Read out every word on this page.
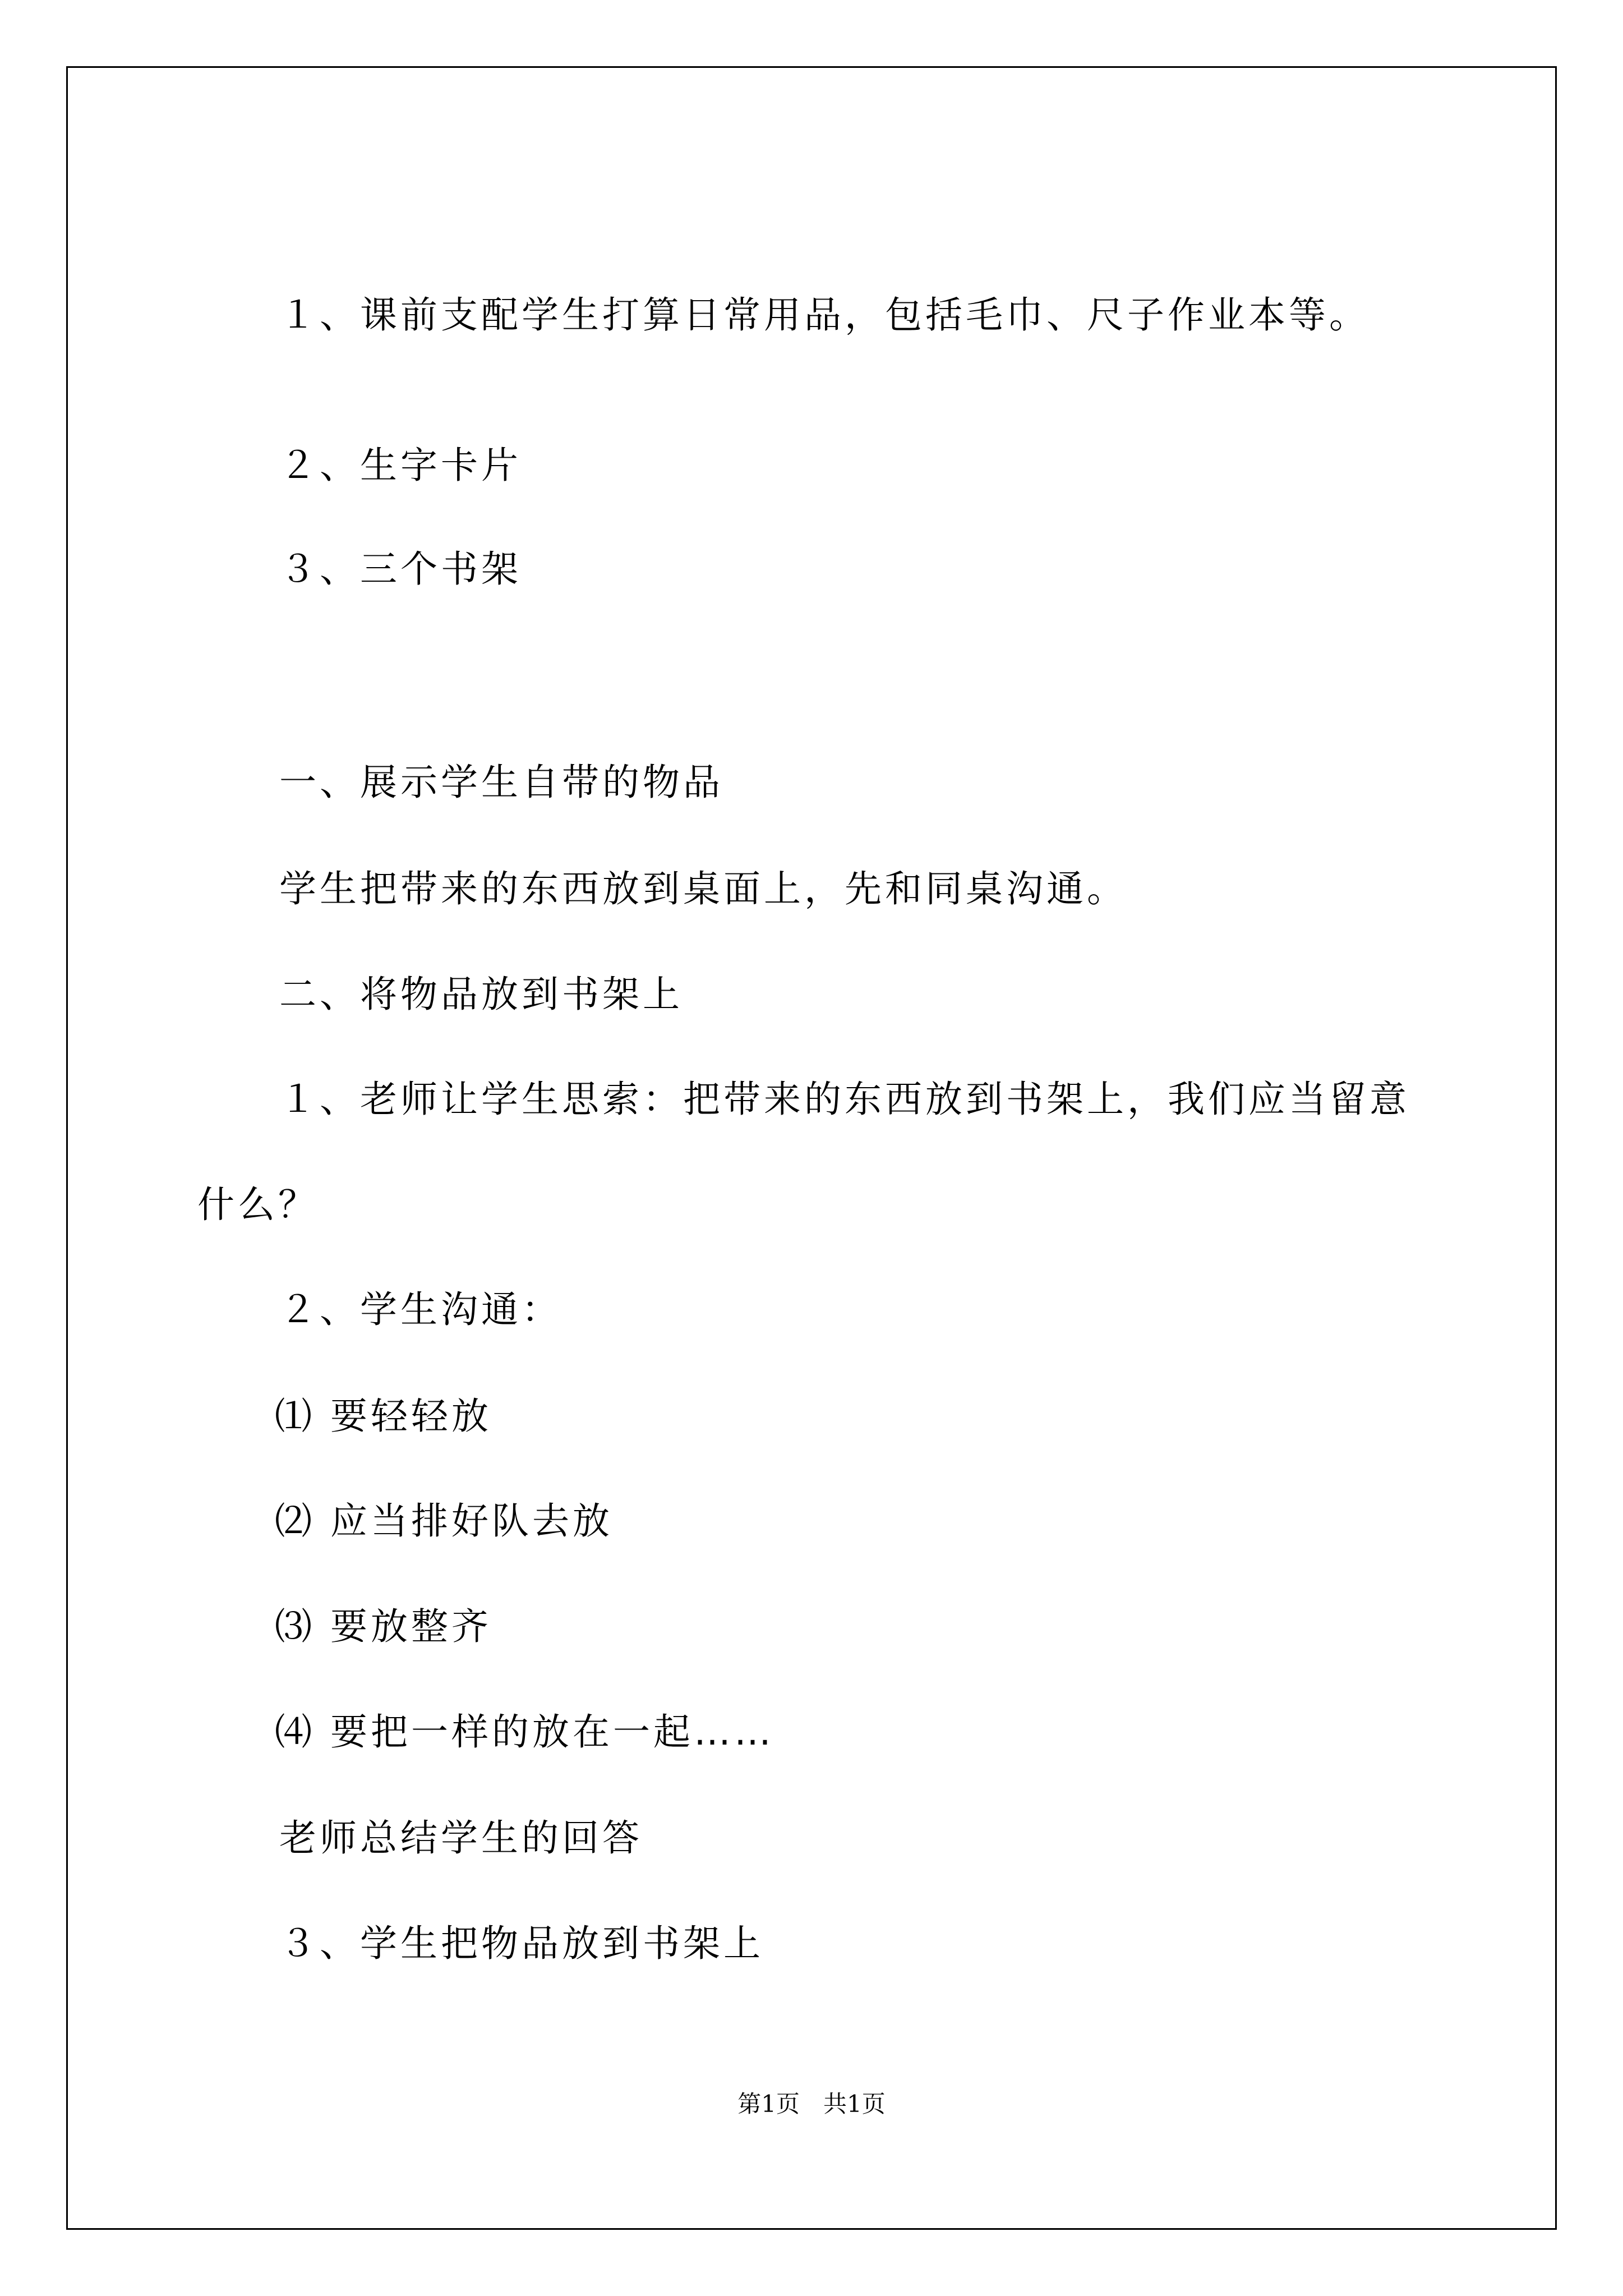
１、课前支配学生打算日常用品，包括毛巾、尺子作业本等。
２、生字卡片
３、三个书架
一、展示学生自带的物品
学生把带来的东西放到桌面上，先和同桌沟通。
二、将物品放到书架上
１、老师让学生思索：把带来的东西放到书架上，我们应当留意
什么？
２、学生沟通：
⑴ 要轻轻放
⑵ 应当排好队去放
⑶ 要放整齐
⑷ 要把一样的放在一起……
老师总结学生的回答
３、学生把物品放到书架上
第1页　共1页
